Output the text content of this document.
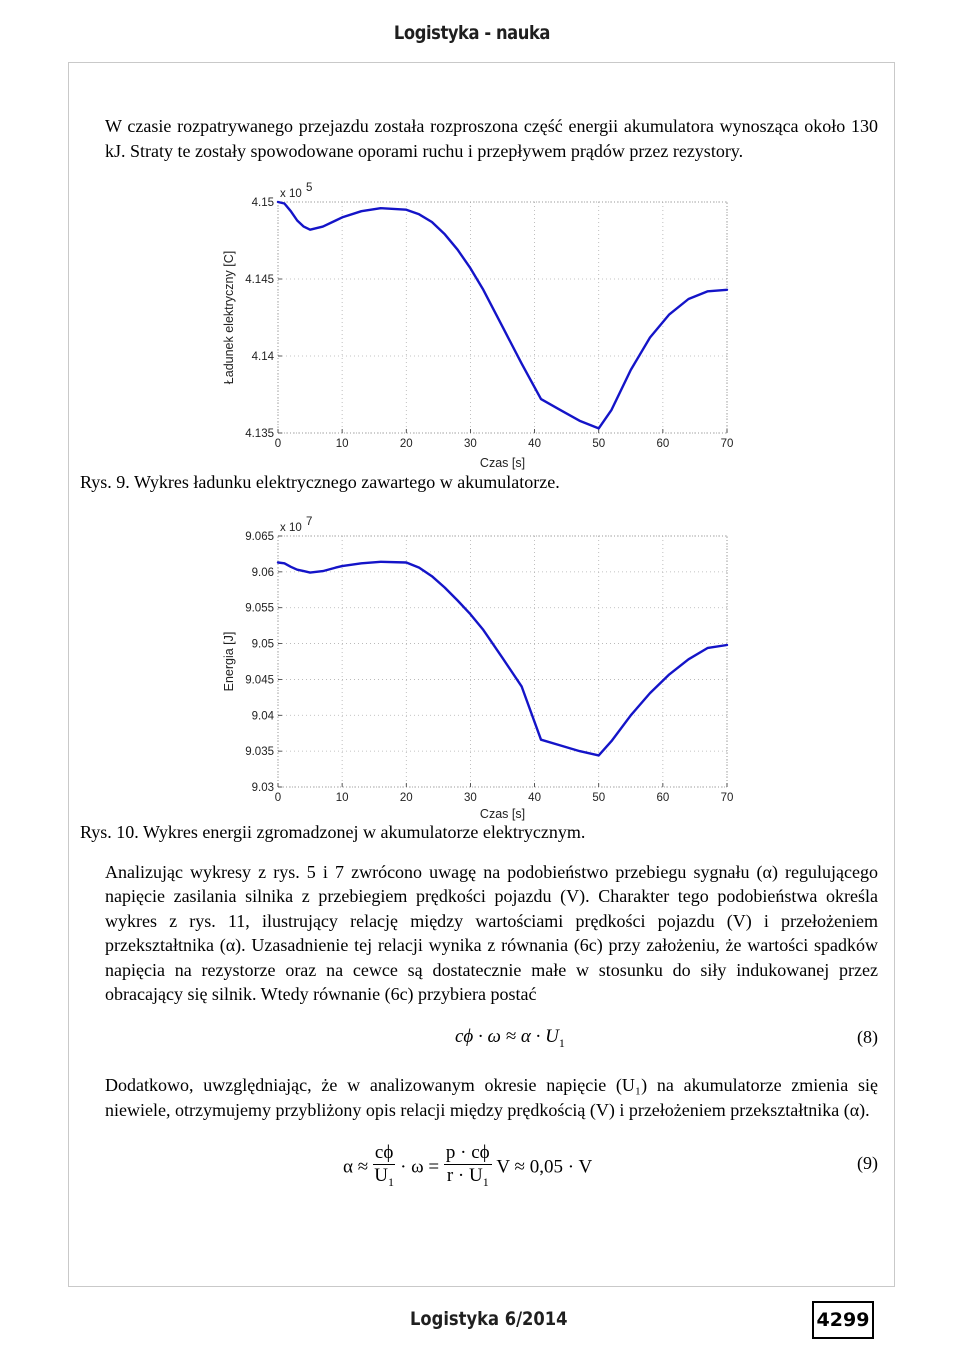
Logistyka - nauka

W czasie rozpatrywanego przejazdu została rozproszona część energii akumulatora wynosząca około 130 kJ. Straty te zostały spowodowane oporami ruchu i przepływem prądów przez rezystory.

0	10	20	30	40	50	60	70
4.15
4.145
4.14
4.135
x 10 5
Czas [s]
Ładunek elektryczny [C]
Rys. 9. Wykres ładunku elektrycznego zawartego w akumulatorze.
0	10	20	30	40	50	60	70
9.065
9.06
9.055
9.05
9.045
9.04
9.035
9.03
x 10 7
Czas [s]
Energia [J]
Rys. 10. Wykres energii zgromadzonej w akumulatorze elektrycznym.

Analizując wykresy z rys. 5 i 7 zwrócono uwagę na podobieństwo przebiegu sygnału (α) regulującego napięcie zasilania silnika z przebiegiem prędkości pojazdu (V). Charakter tego podobieństwa określa wykres z rys. 11, ilustrujący relację między wartościami prędkości pojazdu (V) i przełożeniem przekształtnika (α). Uzasadnienie tej relacji wynika z równania (6c) przy założeniu, że wartości spadków napięcia na rezystorze oraz na cewce są dostatecznie małe w stosunku do siły indukowanej przez obracający się silnik. Wtedy równanie (6c) przybiera postać

$c\phi \cdot \omega \approx \alpha \cdot U_1$	(8)

Dodatkowo, uwzględniając, że w analizowanym okresie napięcie (U₁) na akumulatorze zmienia się niewiele, otrzymujemy przybliżony opis relacji między prędkością (V) i przełożeniem przekształtnika (α).

$\alpha \approx \frac{c\phi}{U_1} \cdot \omega = \frac{p \cdot c\phi}{r \cdot U_1}$ V ≈ 0,05 · V	(9)
Logistyka 6/2014	4299
